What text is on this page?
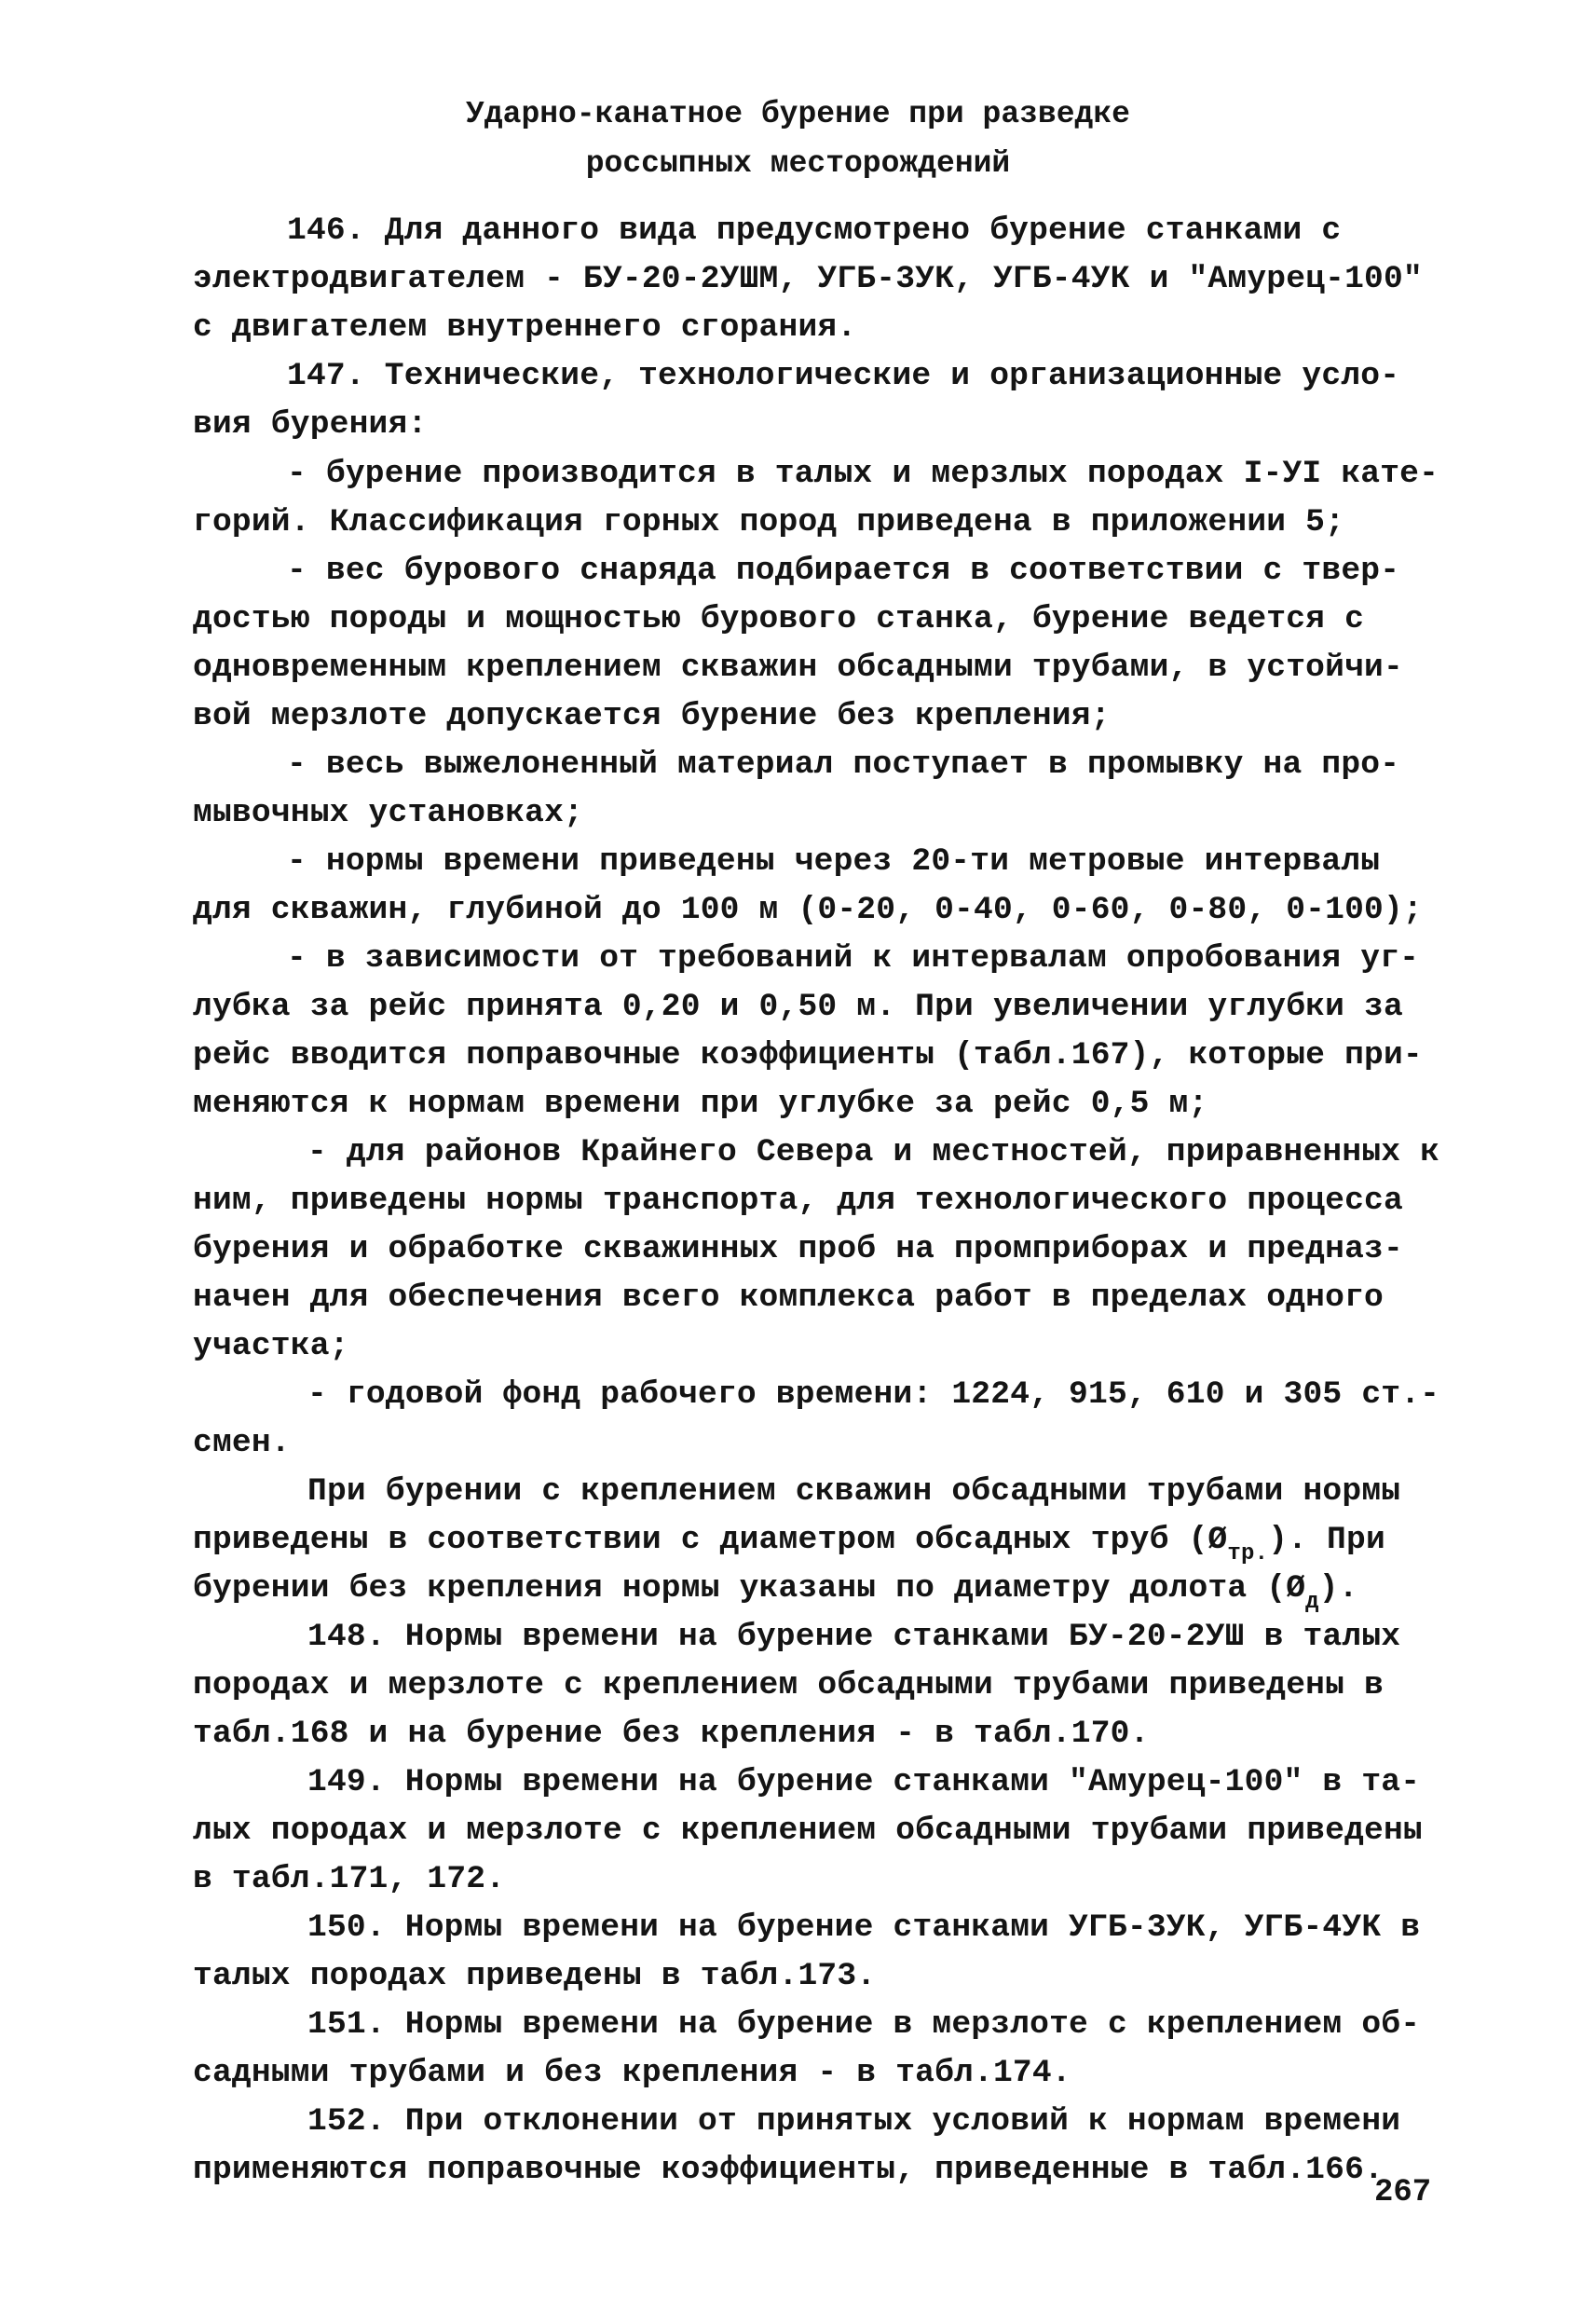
Ударно-канатное бурение при разведке
россыпных месторождений
146. Для данного вида предусмотрено бурение станками с
электродвигателем - БУ-20-2УШМ, УГБ-3УК, УГБ-4УК и "Амурец-100"
с двигателем внутреннего сгорания.
147. Технические, технологические и организационные усло-
вия бурения:
- бурение производится в талых и мерзлых породах I-УI кате-
горий. Классификация горных пород приведена в приложении 5;
- вес бурового снаряда подбирается в соответствии с твер-
достью породы и мощностью бурового станка, бурение ведется с
одновременным креплением скважин обсадными трубами, в устойчи-
вой мерзлоте допускается бурение без крепления;
- весь выжелоненный материал поступает в промывку на про-
мывочных установках;
- нормы времени приведены через 20-ти метровые интервалы
для скважин, глубиной до 100 м (0-20, 0-40, 0-60, 0-80, 0-100);
- в зависимости от требований к интервалам опробования уг-
лубка за рейс принята 0,20 и 0,50 м. При увеличении углубки за
рейс вводится поправочные коэффициенты (табл.167), которые при-
меняются к нормам времени при углубке за рейс 0,5 м;
- для районов Крайнего Севера и местностей, приравненных к
ним, приведены нормы транспорта, для технологического процесса
бурения и обработке скважинных проб на промприборах и предназ-
начен для обеспечения всего комплекса работ в пределах одного
участка;
- годовой фонд рабочего времени: 1224, 915, 610 и 305 ст.-
смен.
При бурении с креплением скважин обсадными трубами нормы
приведены в соответствии с диаметром обсадных труб $(Ø_{тр.})$. При
бурении без крепления нормы указаны по диаметру долота $(Ø_д)$.
148. Нормы времени на бурение станками БУ-20-2УШ в талых
породах и мерзлоте с креплением обсадными трубами приведены в
табл.168 и на бурение без крепления - в табл.170.
149. Нормы времени на бурение станками "Амурец-100" в та-
лых породах и мерзлоте с креплением обсадными трубами приведены
в табл.171, 172.
150. Нормы времени на бурение станками УГБ-3УК, УГБ-4УК в
талых породах приведены в табл.173.
151. Нормы времени на бурение в мерзлоте с креплением об-
садными трубами и без крепления - в табл.174.
152. При отклонении от принятых условий к нормам времени
применяются поправочные коэффициенты, приведенные в табл.166.
267
